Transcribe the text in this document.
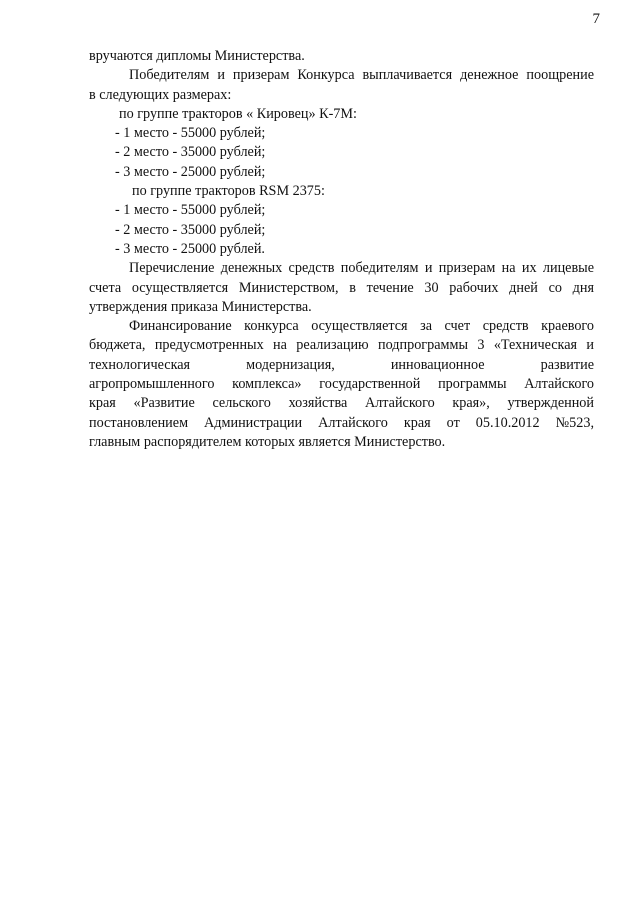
7
вручаются дипломы Министерства.
Победителям и призерам Конкурса выплачивается денежное поощрение
в следующих размерах:
по группе тракторов « Кировец» К-7М:
- 1 место - 55000 рублей;
- 2 место - 35000 рублей;
- 3 место - 25000 рублей;
по группе тракторов RSM 2375:
- 1 место - 55000 рублей;
- 2 место - 35000 рублей;
- 3 место - 25000 рублей.
Перечисление денежных средств победителям и призерам на их лицевые
счета осуществляется Министерством, в течение 30 рабочих дней со дня
утверждения приказа Министерства.
Финансирование конкурса осуществляется за счет средств краевого
бюджета, предусмотренных на реализацию подпрограммы 3 «Техническая и
технологическая модернизация, инновационное развитие
агропромышленного комплекса» государственной программы Алтайского
края «Развитие сельского хозяйства Алтайского края», утвержденной
постановлением Администрации Алтайского края от 05.10.2012 №523,
главным распорядителем которых является Министерство.
